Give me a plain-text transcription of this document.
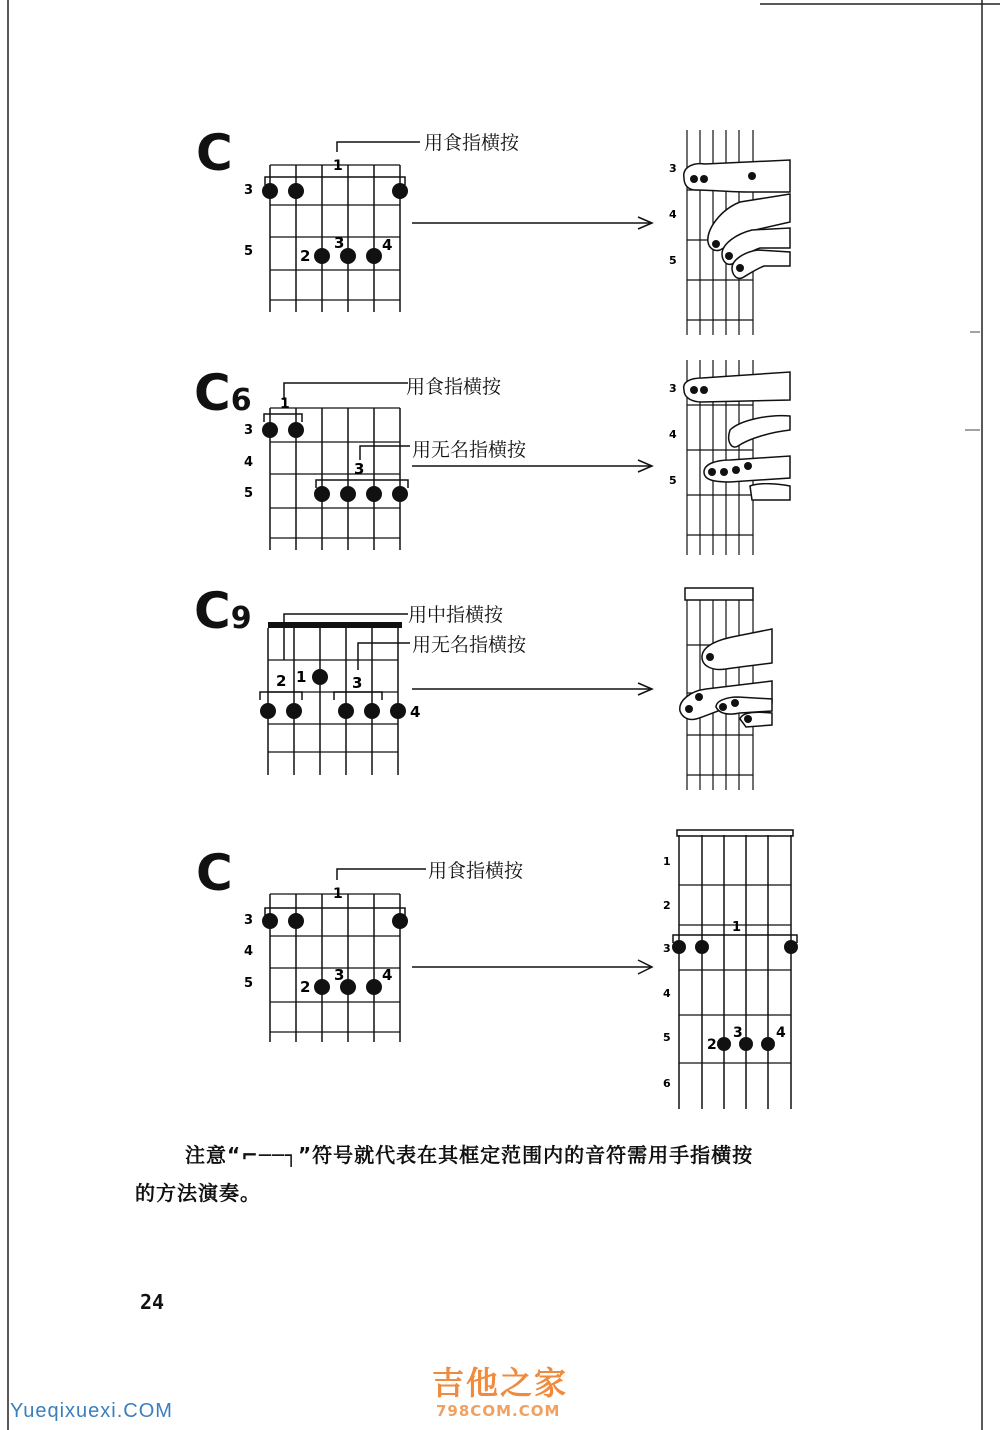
C	用食指横按
1
2
3	4
3
5
3
4
5
C6	用食指横按
用无名指横按
1
3
3
4
5
3
4
5
C9	用中指横按
用无名指横按
2 1	3
4
C	用食指横按
1
2
3	4
3
4
5
1
2
3 4
1
2
3
4
5
6
注意“⌐──┐”符号就代表在其框定范围内的音符需用手指横按
的方法演奏。
24
Yueqixuexi.COM
吉他之家
798COM.COM
